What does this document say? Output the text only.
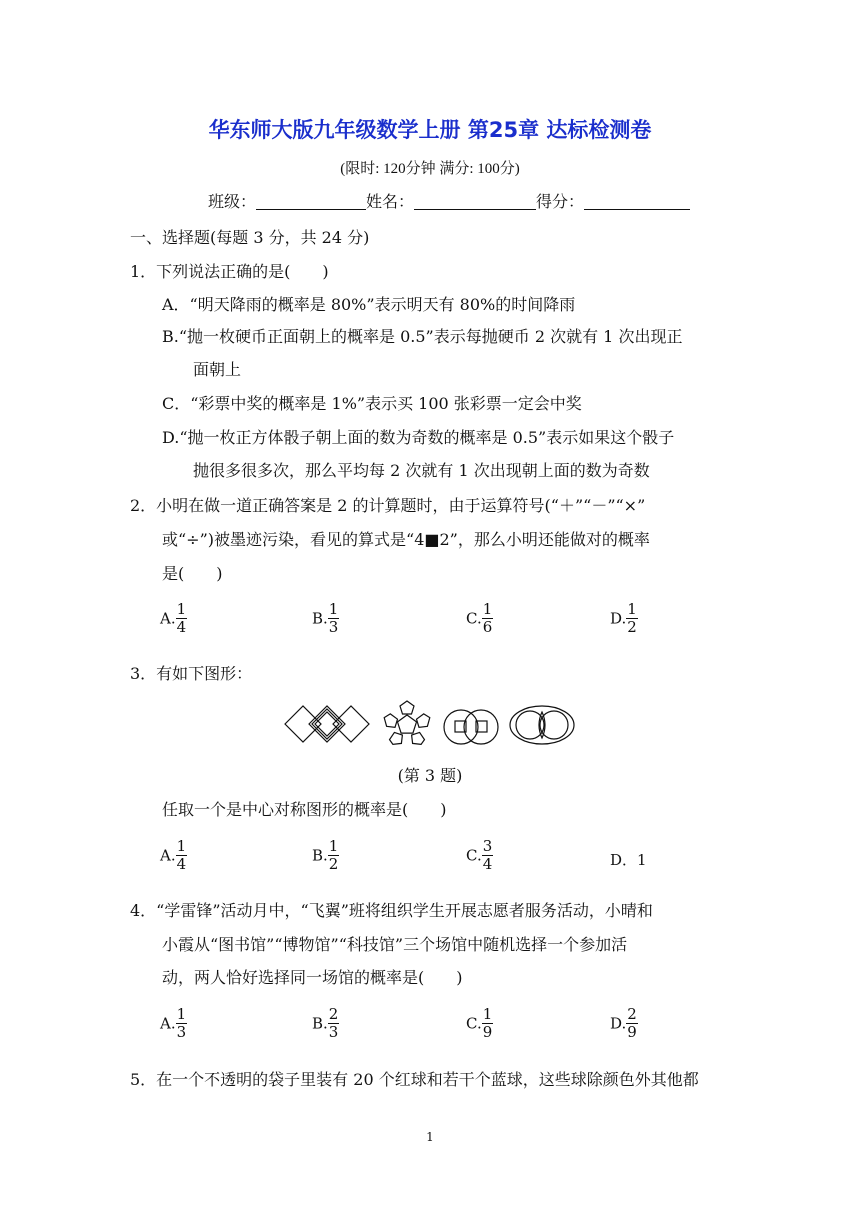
华东师大版九年级数学上册 第25章 达标检测卷
(限时: 120分钟 满分: 100分)
班级：	姓名：	得分：
一、选择题(每题 3 分，共 24 分)
1．下列说法正确的是(　　)
A．“明天降雨的概率是 80%”表示明天有 80%的时间降雨
B.“抛一枚硬币正面朝上的概率是 0.5”表示每抛硬币 2 次就有 1 次出现正
面朝上
C．“彩票中奖的概率是 1%”表示买 100 张彩票一定会中奖
D.“抛一枚正方体骰子朝上面的数为奇数的概率是 0.5”表示如果这个骰子
抛很多很多次，那么平均每 2 次就有 1 次出现朝上面的数为奇数
2．小明在做一道正确答案是 2 的计算题时，由于运算符号(“＋”“－”“×”
或“÷”)被墨迹污染，看见的算式是“4■2”，那么小明还能做对的概率
是(　　)
A. $\frac{1}{4}$	B. $\frac{1}{3}$	C. $\frac{1}{6}$	D. $\frac{1}{2}$
3．有如下图形：
(第 3 题)
任取一个是中心对称图形的概率是(　　)
A. $\frac{1}{4}$	B. $\frac{1}{2}$	C. $\frac{3}{4}$	D．1
4．“学雷锋”活动月中，“飞翼”班将组织学生开展志愿者服务活动，小晴和
小霞从“图书馆”“博物馆”“科技馆”三个场馆中随机选择一个参加活
动，两人恰好选择同一场馆的概率是(　　)
A. $\frac{1}{3}$	B. $\frac{2}{3}$	C. $\frac{1}{9}$	D. $\frac{2}{9}$
5．在一个不透明的袋子里装有 20 个红球和若干个蓝球，这些球除颜色外其他都
1
